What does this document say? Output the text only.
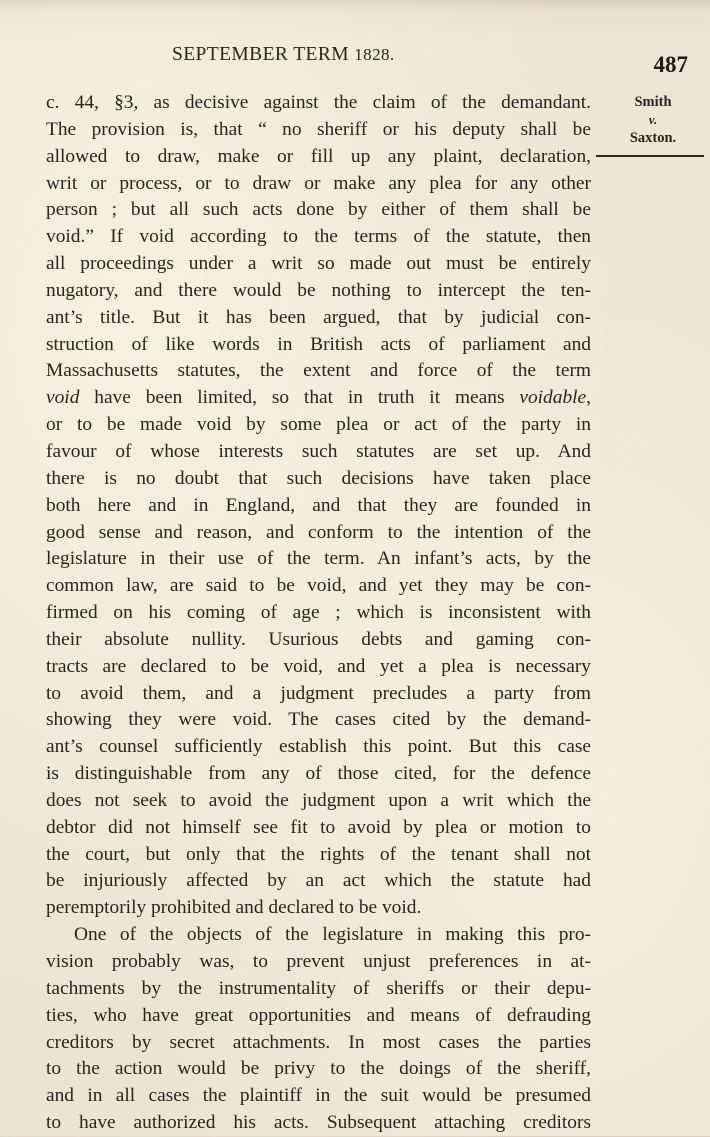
SEPTEMBER TERM 1828.	487
Smith
v.
Saxton.
c. 44, §3, as decisive against the claim of the demandant.
The provision is, that “ no sheriff or his deputy shall be
allowed to draw, make or fill up any plaint, declaration,
writ or process, or to draw or make any plea for any other
person ; but all such acts done by either of them shall be
void.” If void according to the terms of the statute, then
all proceedings under a writ so made out must be entirely
nugatory, and there would be nothing to intercept the ten-
ant’s title. But it has been argued, that by judicial con-
struction of like words in British acts of parliament and
Massachusetts statutes, the extent and force of the term
void have been limited, so that in truth it means voidable,
or to be made void by some plea or act of the party in
favour of whose interests such statutes are set up. And
there is no doubt that such decisions have taken place
both here and in England, and that they are founded in
good sense and reason, and conform to the intention of the
legislature in their use of the term. An infant’s acts, by the
common law, are said to be void, and yet they may be con-
firmed on his coming of age ; which is inconsistent with
their absolute nullity. Usurious debts and gaming con-
tracts are declared to be void, and yet a plea is necessary
to avoid them, and a judgment precludes a party from
showing they were void. The cases cited by the demand-
ant’s counsel sufficiently establish this point. But this case
is distinguishable from any of those cited, for the defence
does not seek to avoid the judgment upon a writ which the
debtor did not himself see fit to avoid by plea or motion to
the court, but only that the rights of the tenant shall not
be injuriously affected by an act which the statute had
peremptorily prohibited and declared to be void.
One of the objects of the legislature in making this pro-
vision probably was, to prevent unjust preferences in at-
tachments by the instrumentality of sheriffs or their depu-
ties, who have great opportunities and means of defrauding
creditors by secret attachments. In most cases the parties
to the action would be privy to the doings of the sheriff,
and in all cases the plaintiff in the suit would be presumed
to have authorized his acts. Subsequent attaching creditors
